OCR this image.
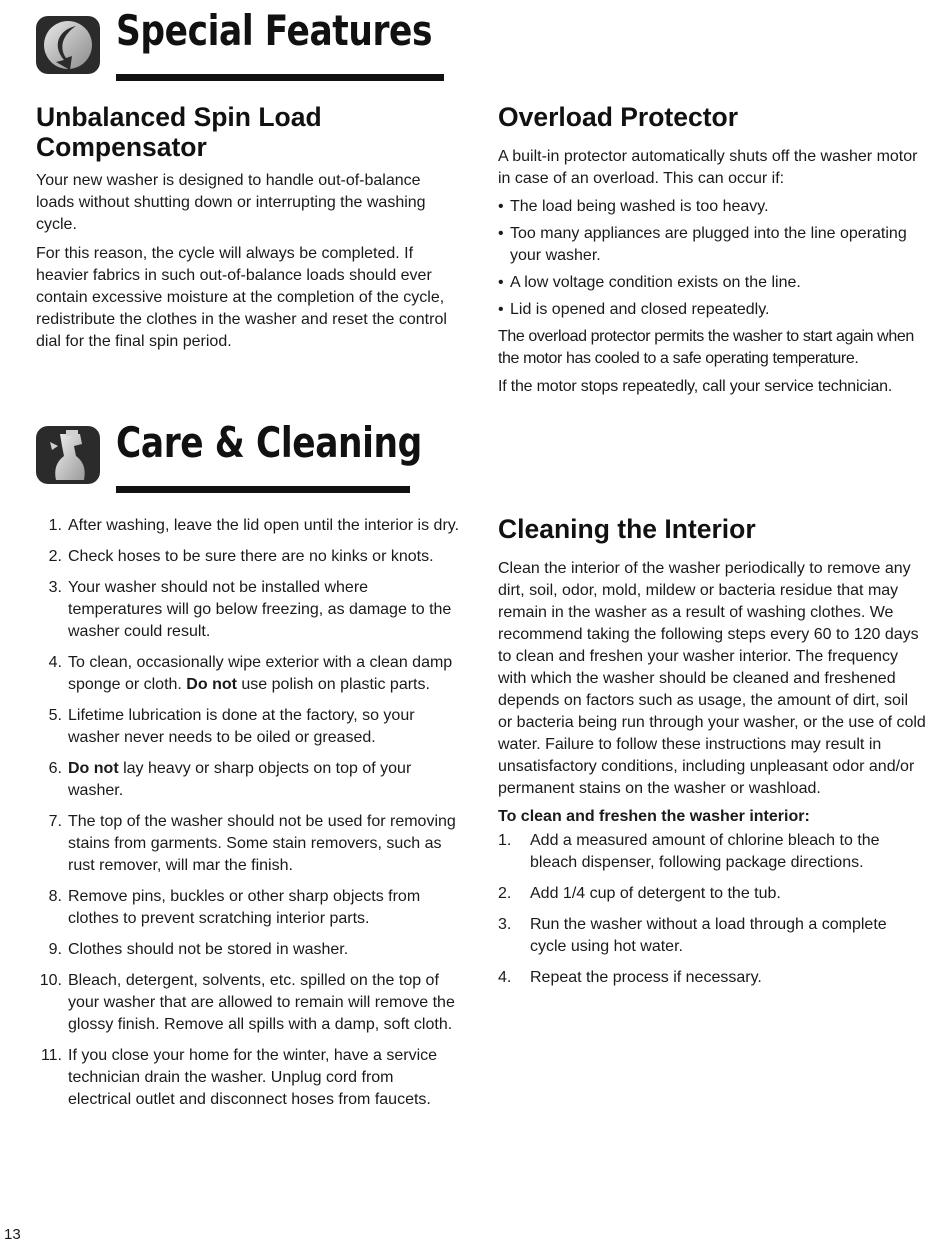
Special Features
Unbalanced Spin Load Compensator

Your new washer is designed to handle out-of-balance loads without shutting down or interrupting the washing cycle.

For this reason, the cycle will always be completed. If heavier fabrics in such out-of-balance loads should ever contain excessive moisture at the completion of the cycle, redistribute the clothes in the washer and reset the control dial for the final spin period.

Overload Protector

A built-in protector automatically shuts off the washer motor in case of an overload. This can occur if:

• The load being washed is too heavy.
• Too many appliances are plugged into the line operating your washer.
• A low voltage condition exists on the line.
• Lid is opened and closed repeatedly.

The overload protector permits the washer to start again when the motor has cooled to a safe operating temperature.

If the motor stops repeatedly, call your service technician.

Care & Cleaning
1. After washing, leave the lid open until the interior is dry.
2. Check hoses to be sure there are no kinks or knots.
3. Your washer should not be installed where temperatures will go below freezing, as damage to the washer could result.
4. To clean, occasionally wipe exterior with a clean damp sponge or cloth. Do not use polish on plastic parts.
5. Lifetime lubrication is done at the factory, so your washer never needs to be oiled or greased.
6. Do not lay heavy or sharp objects on top of your washer.
7. The top of the washer should not be used for removing stains from garments. Some stain removers, such as rust remover, will mar the finish.
8. Remove pins, buckles or other sharp objects from clothes to prevent scratching interior parts.
9. Clothes should not be stored in washer.
10. Bleach, detergent, solvents, etc. spilled on the top of your washer that are allowed to remain will remove the glossy finish. Remove all spills with a damp, soft cloth.
11. If you close your home for the winter, have a service technician drain the washer. Unplug cord from electrical outlet and disconnect hoses from faucets.
Cleaning the Interior

Clean the interior of the washer periodically to remove any dirt, soil, odor, mold, mildew or bacteria residue that may remain in the washer as a result of washing clothes. We recommend taking the following steps every 60 to 120 days to clean and freshen your washer interior. The frequency with which the washer should be cleaned and freshened depends on factors such as usage, the amount of dirt, soil or bacteria being run through your washer, or the use of cold water. Failure to follow these instructions may result in unsatisfactory conditions, including unpleasant odor and/or permanent stains on the washer or washload.

To clean and freshen the washer interior:
1.	Add a measured amount of chlorine bleach to the bleach dispenser, following package directions.
2.	Add 1/4 cup of detergent to the tub.
3.	Run the washer without a load through a complete cycle using hot water.
4.	Repeat the process if necessary.
13
